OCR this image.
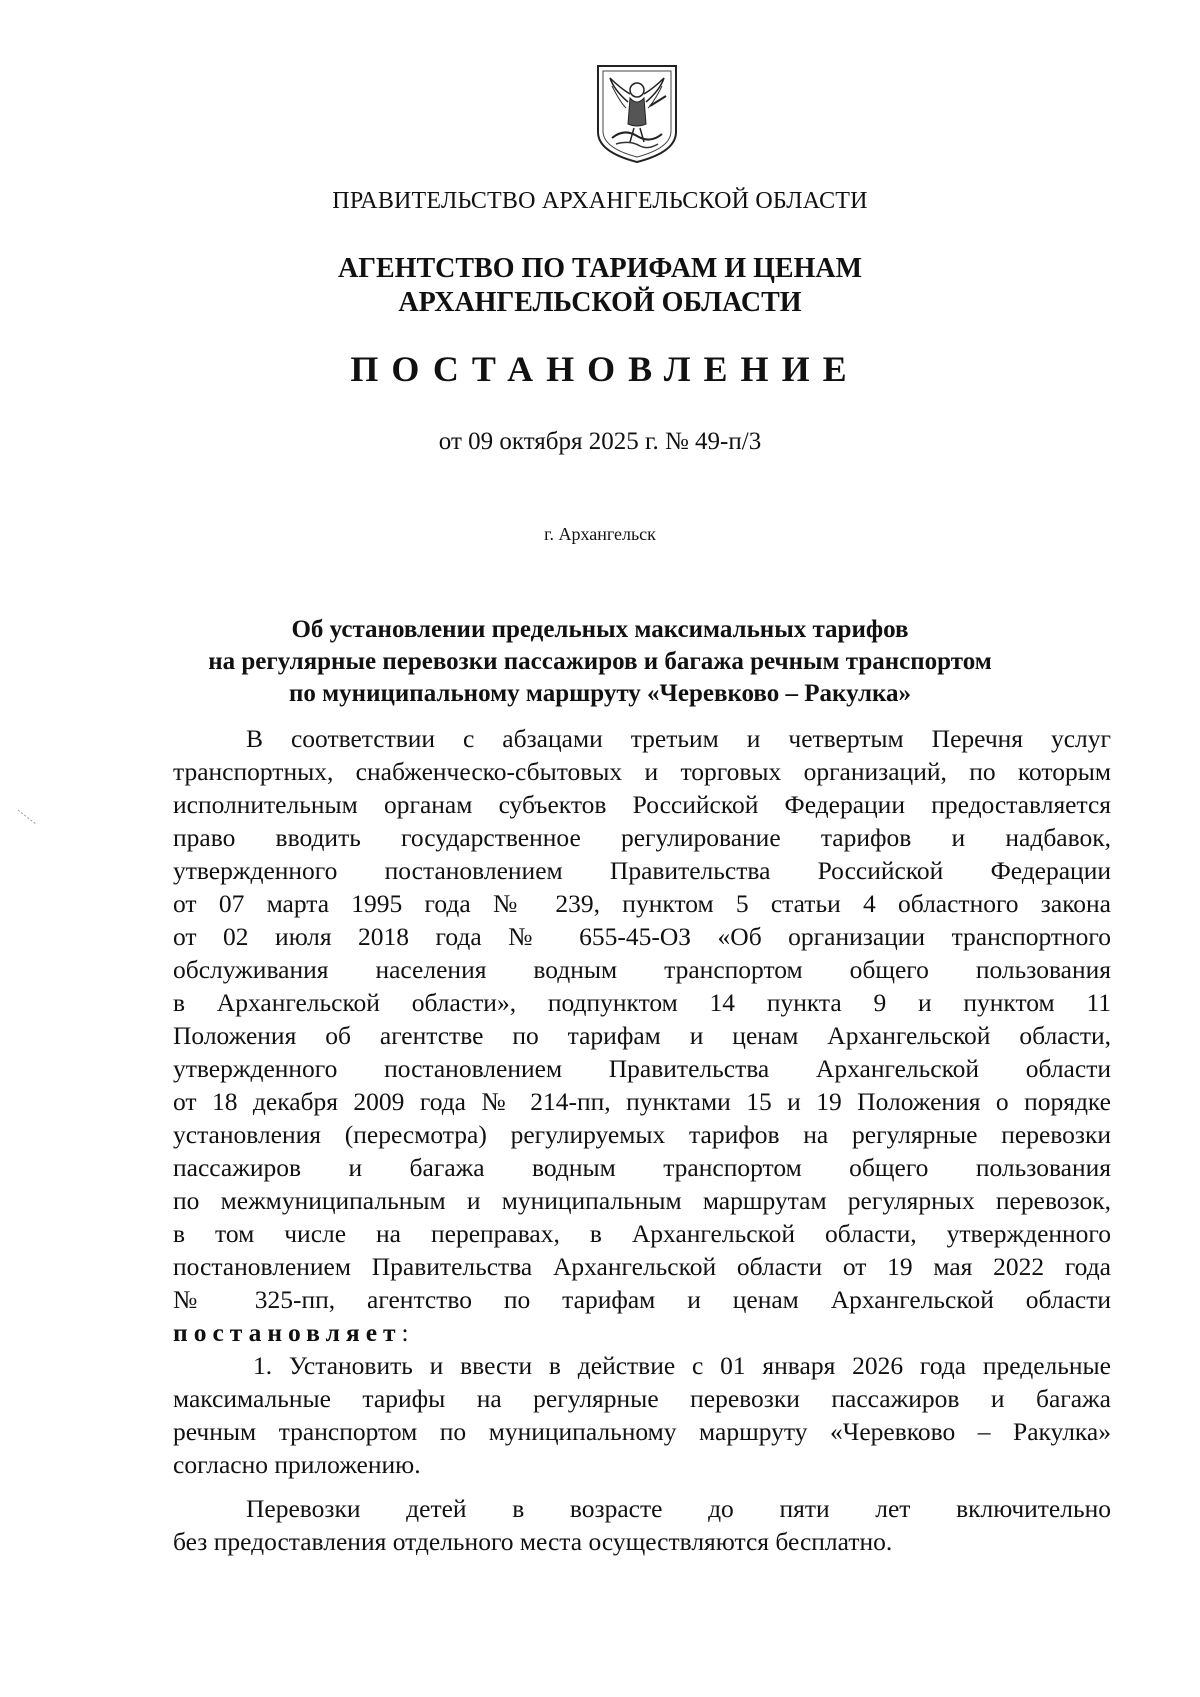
ПРАВИТЕЛЬСТВО АРХАНГЕЛЬСКОЙ ОБЛАСТИ
АГЕНТСТВО ПО ТАРИФАМ И ЦЕНАМ
АРХАНГЕЛЬСКОЙ ОБЛАСТИ
ПОСТАНОВЛЕНИЕ
от 09 октября 2025 г. № 49-п/3
г. Архангельск
Об установлении предельных максимальных тарифов
на регулярные перевозки пассажиров и багажа речным транспортом
по муниципальному маршруту «Черевково – Ракулка»
В соответствии с абзацами третьим и четвертым Перечня услуг
транспортных, снабженческо-сбытовых и торговых организаций, по которым
исполнительным органам субъектов Российской Федерации предоставляется
право вводить государственное регулирование тарифов и надбавок,
утвержденного постановлением Правительства Российской Федерации
от 07 марта 1995 года № 239, пунктом 5 статьи 4 областного закона
от 02 июля 2018 года № 655-45-ОЗ «Об организации транспортного
обслуживания населения водным транспортом общего пользования
в Архангельской области», подпунктом 14 пункта 9 и пунктом 11
Положения об агентстве по тарифам и ценам Архангельской области,
утвержденного постановлением Правительства Архангельской области
от 18 декабря 2009 года № 214-пп, пунктами 15 и 19 Положения о порядке
установления (пересмотра) регулируемых тарифов на регулярные перевозки
пассажиров и багажа водным транспортом общего пользования
по межмуниципальным и муниципальным маршрутам регулярных перевозок,
в том числе на переправах, в Архангельской области, утвержденного
постановлением Правительства Архангельской области от 19 мая 2022 года
№ 325-пп, агентство по тарифам и ценам Архангельской области
постановляет:
1. Установить и ввести в действие с 01 января 2026 года предельные
максимальные тарифы на регулярные перевозки пассажиров и багажа
речным транспортом по муниципальному маршруту «Черевково – Ракулка»
согласно приложению.
Перевозки детей в возрасте до пяти лет включительно
без предоставления отдельного места осуществляются бесплатно.
